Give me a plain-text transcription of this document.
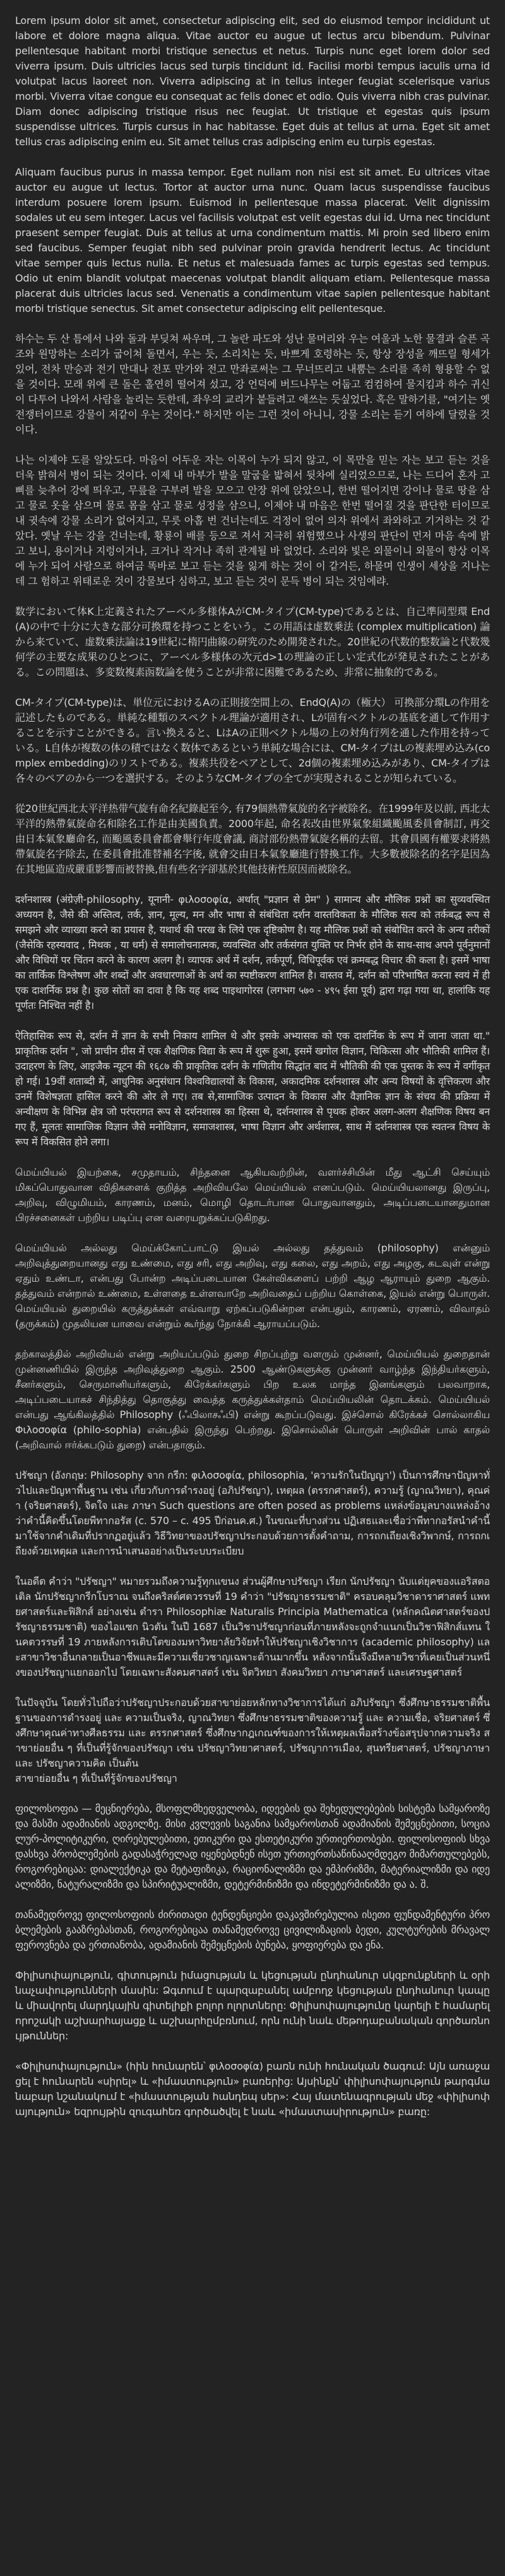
Lorem ipsum dolor sit amet, consectetur adipiscing elit, sed do eiusmod tempor incididunt ut labore et dolore magna aliqua. Vitae auctor eu augue ut lectus arcu bibendum. Pulvinar pellentesque habitant morbi tristique senectus et netus. Turpis nunc eget lorem dolor sed viverra ipsum. Duis ultricies lacus sed turpis tincidunt id. Facilisi morbi tempus iaculis urna id volutpat lacus laoreet non. Viverra adipiscing at in tellus integer feugiat scelerisque varius morbi. Viverra vitae congue eu consequat ac felis donec et odio. Quis viverra nibh cras pulvinar. Diam donec adipiscing tristique risus nec feugiat. Ut tristique et egestas quis ipsum suspendisse ultrices. Turpis cursus in hac habitasse. Eget duis at tellus at urna. Eget sit amet tellus cras adipiscing enim eu. Sit amet tellus cras adipiscing enim eu turpis egestas.

Aliquam faucibus purus in massa tempor. Eget nullam non nisi est sit amet. Eu ultrices vitae auctor eu augue ut lectus. Tortor at auctor urna nunc. Quam lacus suspendisse faucibus interdum posuere lorem ipsum. Euismod in pellentesque massa placerat. Velit dignissim sodales ut eu sem integer. Lacus vel facilisis volutpat est velit egestas dui id. Urna nec tincidunt praesent semper feugiat. Duis at tellus at urna condimentum mattis. Mi proin sed libero enim sed faucibus. Semper feugiat nibh sed pulvinar proin gravida hendrerit lectus. Ac tincidunt vitae semper quis lectus nulla. Et netus et malesuada fames ac turpis egestas sed tempus. Odio ut enim blandit volutpat maecenas volutpat blandit aliquam etiam. Pellentesque massa placerat duis ultricies lacus sed. Venenatis a condimentum vitae sapien pellentesque habitant morbi tristique senectus. Sit amet consectetur adipiscing elit pellentesque.

하수는 두 산 틈에서 나와 돌과 부딪쳐 싸우며, 그 놀란 파도와 성난 물머리와 우는 여울과 노한 물결과 슬픈 곡조와 원망하는 소리가 굽이쳐 돌면서, 우는 듯, 소리치는 듯, 바쁘게 호령하는 듯, 항상 장성을 깨뜨릴 형세가 있어, 전차 만승과 전기 만대나 전포 만가와 전고 만좌로써는 그 무너뜨리고 내뿜는 소리를 족히 형용할 수 없을 것이다. 모래 위에 큰 돌은 홀연히 떨어져 섰고, 강 언덕에 버드나무는 어둡고 컴컴하여 물지킴과 하수 귀신이 다투어 나와서 사람을 놀리는 듯한데, 좌우의 교리가 붙들려고 애쓰는 듯싶었다. 혹은 말하기를, "여기는 옛 전쟁터이므로 강물이 저같이 우는 것이다." 하지만 이는 그런 것이 아니니, 강물 소리는 듣기 여하에 달렸을 것이다.

나는 이제야 도를 알았도다. 마음이 어두운 자는 이목이 누가 되지 않고, 이 목만을 믿는 자는 보고 듣는 것을 더욱 밝혀서 병이 되는 것이다. 이제 내 마부가 발을 말굽을 밟혀서 뒷차에 실리었으므로, 나는 드디어 혼자 고삐를 늦추어 강에 띄우고, 무릎을 구부려 발을 모으고 안장 위에 앉았으니, 한번 떨어지면 강이나 물로 땅을 삼고 물로 옷을 삼으며 물로 몸을 삼고 물로 성정을 삼으니, 이제야 내 마음은 한번 떨어질 것을 판단한 터이므로 내 귓속에 강물 소리가 없어지고, 무릇 아홉 번 건너는데도 걱정이 없어 의자 위에서 좌와하고 기거하는 것 같았다. 옛날 우는 강을 건너는데, 황룡이 배를 등으로 져서 지극히 위험했으나 사생의 판단이 먼저 마음 속에 밝고 보니, 용이거나 지렁이거나, 크거나 작거나 족히 관계될 바 없었다. 소리와 빛은 외물이니 외물이 항상 이목에 누가 되어 사람으로 하여금 똑바로 보고 듣는 것을 잃게 하는 것이 이 같거든, 하물며 인생이 세상을 지나는 데 그 험하고 위태로운 것이 강물보다 심하고, 보고 듣는 것이 문득 병이 되는 것임에랴.

数学において体K上定義されたアーベル多様体AがCM-タイプ(CM-type)であるとは、自己準同型環 End(A)の中で十分に大きな部分可換環を持つことをいう。この用語は虚数乗法 (complex multiplication) 論から来ていて、虚数乗法論は19世紀に楕円曲線の研究のため開発された。20世紀の代数的整数論と代数幾何学の主要な成果のひとつに、アーベル多様体の次元d>1の理論の正しい定式化が発見されたことがある。この問題は、多変数複素函数論を使うことが非常に困難であるため、非常に抽象的である。

CM-タイプ(CM-type)は、単位元におけるAの正則接空間上の、EndQ(A)の（極大） 可換部分環Lの作用を記述したものである。単純な種類のスペクトル理論が適用され、Lが固有ベクトルの基底を通して作用することを示すことができる。言い換えると、LはAの正則ベクトル場の上の対角行列を通した作用を持っている。L自体が複数の体の積ではなく数体であるという単純な場合には、CM-タイプはLの複素埋め込み(complex embedding)のリストである。複素共役をペアとして、2d個の複素埋め込みがあり、CM-タイプは各々のペアのから一つを選択する。そのようなCM-タイプの全てが実現されることが知られている。

從20世紀西北太平洋热带气旋有命名紀錄起至今, 有79個熱帶氣旋的名字被除名。在1999年及以前, 西北太平洋的熱帶氣旋命名和除名工作是由美國負責。2000年起, 命名表改由世界氣象組織颱風委員會制訂, 再交由日本氣象廳命名, 而颱風委員會都會舉行年度會議, 商討部份熱帶氣旋名稱的去留。其會員國有權要求將熱帶氣旋名字除去, 在委員會批准替補名字後, 就會交由日本氣象廳進行替換工作。大多數被除名的名字是因為在其地區造成嚴重影響而被替換,但有些名字卻基於其他技術性原因而被除名。

दर्शनशास्त्र (अंग्रेज़ी-philosophy, यूनानी- φιλοσοφία, अर्थात् "प्रज्ञान से प्रेम" ) सामान्य और मौलिक प्रश्नों का सुव्यवस्थित अध्ययन है, जैसे की अस्तित्व, तर्क, ज्ञान, मूल्य, मन और भाषा से संबंधिता दर्शन वास्तविकता के मौलिक सत्य को तर्कबद्ध रूप से समझने और व्याख्या करने का प्रयास है, यथार्थ की परख के लिये एक दृष्टिकोण है। यह मौलिक प्रश्नों को संबोधित करने के अन्य तरीकों (जैसेकि रहस्यवाद , मिथक , या धर्म) से समालोचनात्मक, व्यवस्थित और तर्कसंगत युक्ति पर निर्भर होने के साथ-साथ अपने पूर्वनुमानों और विधियों पर चिंतन करने के कारण अलग है। व्यापक अर्थ में दर्शन, तर्कपूर्ण, विधिपूर्वक एवं क्रमबद्ध विचार की कला है। इसमें भाषा का तार्किक विश्लेषण और शब्दों और अवधारणाओं के अर्थ का स्पष्टीकरण शामिल है। वास्तव में, दर्शन को परिभाषित करना स्वयं में ही एक दाशर्निक प्रश्न है। कुछ सोतों का दावा है कि यह शब्द पाइथागोरस (लगभग ५७० - ४९५ ईसा पूर्व) द्वारा गढ़ा गया था, हालांकि यह पूर्णतः निश्चित नहीं है।

ऐतिहासिक रूप से, दर्शन में ज्ञान के सभी निकाय शामिल थे और इसके अभ्यासक को एक दाशर्निक के रूप में जाना जाता था." प्राकृतिक दर्शन ", जो प्राचीन ग्रीस में एक शैक्षणिक विद्या के रूप में शुरू हुआ, इसमें खगोल विज्ञान, चिकित्सा और भौतिकी शामिल हैं। उदाहरण के लिए, आइजैक न्यूटन की १६८७ की प्राकृतिक दर्शन के गणितीय सिद्धांत बाद में भौतिकी की एक पुस्तक के रूप में वर्गीकृत हो गई। 19वीं शताब्दी में, आधुनिक अनुसंधान विश्वविद्यालयों के विकास, अकादमिक दर्शनशास्त्र और अन्य विषयों के वृत्तिकरण और उनमें विशेषज्ञता हासिल करने की ओर ले गए। तब से,सामाजिक उत्पादन के विकास और वैज्ञानिक ज्ञान के संचय की प्रक्रिया में अन्वीक्षण के विभिन्न क्षेत्र जो परंपरागत रूप से दर्शनशास्त्र का हिस्सा थे, दर्शनशास्त्र से पृथक होकर अलग-अलग शैक्षणिक विषय बन गए हैं, मूलतः सामाजिक विज्ञान जैसे मनोविज्ञान, समाजशास्त्र, भाषा विज्ञान और अर्थशास्त्र, साथ में दर्शनशास्त्र एक स्वतन्त्र विषय के रूप में विकसित होने लगा।

மெய்யியல் இயற்கை, சமுதாயம், சிந்தனை ஆகியவற்றின், வளர்ச்சியின் மீது ஆட்சி செய்யும் மிகப்பொதுவான விதிகளைக் குறித்த அறிவியலே மெய்யியல் எனப்படும். மெய்யியலானது இருப்பு, அறிவு, விழுமியம், காரணம், மனம், மொழி தொடர்பான பொதுவானதும், அடிப்படையானதுமான பிரச்சனைகள் பற்றிய படிப்பு என வரையறுக்கப்படுகிறது.

மெய்யியல் அல்லது மெய்க்கோட்பாட்டு இயல் அல்லது தத்துவம் (philosophy) என்னும் அறிவுத்துறையானது எது உண்மை, எது சரி, எது அறிவு, எது கலை, எது அறம், எது அழகு, கடவுள் என்று ஏதும் உண்டா, என்பது போன்ற அடிப்படையான கேள்விகளைப் பற்றி ஆழ ஆராயும் துறை ஆகும். தத்துவம் என்றால் உண்மை, உள்ளதை உள்ளவாறே அறிவதைப் பற்றிய கொள்கை, இயல் என்று பொருள். மெய்யியல் துறையில் கருத்துக்கள் எவ்வாறு ஏற்கப்படுகின்றன என்பதும், காரணம், ஏரணம், விவாதம் (தருக்கம்) முதலியன யாவை என்றும் கூர்ந்து நோக்கி ஆராயப்படும்.

தற்காலத்தில் அறிவியல் என்று அறியப்படும் துறை சிறப்புற்று வளரும் முன்னர், மெய்யியல் துறைதான் முன்னணியில் இருந்த அறிவுத்துறை ஆகும். 2500 ஆண்டுகளுக்கு முன்னர் வாழ்ந்த இந்தியர்களும், சீனர்களும், செருமானியர்களும், கிரேக்கர்களும் பிற உலக மாந்த இனங்களும் பலவாறாக, அடிப்படையாகச் சிந்தித்து தொகுத்து வைத்த கருத்துக்கள்தாம் மெய்யியலின் தொடக்கம். மெய்யியல் என்பது ஆங்கிலத்தில் Philosophy (ஃபிலாசஃபி) என்று கூறப்படுவது. இச்சொல் கிரேக்கச் சொல்லாகிய Φιλοσοφία (philo-sophia) என்பதில் இருந்து பெற்றது. இசொல்லின் பொருள் அறிவின் பால் காதல் (அறிவால் ஈர்க்கபடும் துறை) என்பதாகும்.

ปรัชญา (อังกฤษ: Philosophy จาก กรีก: φιλοσοφία, philosophia, 'ความรักในปัญญา') เป็นการศึกษาปัญหาทั่วไปและปัญหาพื้นฐาน เช่น เกี่ยวกับการดำรงอยู่ (อภิปรัชญา), เหตุผล (ตรรกศาสตร์), ความรู้ (ญาณวิทยา), คุณค่า (จริยศาสตร์), จิตใจ และ ภาษา Such questions are often posed as problems แหล่งข้อมูลบางแหล่งอ้างว่าคำนี้คิดขึ้นโดยพีทากอรัส (c. 570 – c. 495 ปีก่อนค.ศ.) ในขณะที่บางส่วน ปฏิเสธและเชื่อว่าพีทากอรัสนำคำนี้มาใช้จากคำเดิมที่ปรากฏอยู่แล้ว วิธีวิทยาของปรัชญาประกอบด้วยการตั้งคำถาม, การถกเถียงเชิงวิพากษ์, การถกเถียงด้วยเหตุผล และการนำเสนออย่างเป็นระบบระเบียบ

ในอดีต คำว่า "ปรัชญา" หมายรวมถึงความรู้ทุกแขนง ส่วนผู้ศึกษาปรัชญา เรียก นักปรัชญา นับแต่ยุคของแอริสตอเติล นักปรัชญากรีกโบราณ จนถึงคริสต์ศตวรรษที่ 19 คำว่า "ปรัชญาธรรมชาติ" ครอบคลุมวิชาดาราศาสตร์ แพทยศาสตร์และฟิสิกส์ อย่างเช่น ตำรา Philosophiæ Naturalis Principia Mathematica (หลักคณิตศาสตร์ของปรัชญาธรรมชาติ) ของไอแซก นิวตัน ในปี 1687 เป็นวิชาปรัชญาก่อนที่ภายหลังจะถูกจำแนกเป็นวิชาฟิสิกส์แทน ในคตวรรษที่ 19 ภายหลังการเติบโตของมหาวิทยาลัยวิจัยทำให้ปรัชญาเชิงวิชาการ (academic philosophy) และสาขาวิชาอื่นกลายเป็นอาชีพและมีความเชี่ยวชาญเฉพาะด้านมากขึ้น หลังจากนั้นจึงมีหลายวิชาที่เคยเป็นส่วนหนึ่งของปรัชญาแยกออกไป โดยเฉพาะสังคมศาสตร์ เช่น จิตวิทยา สังคมวิทยา ภาษาศาสตร์ และเศรษฐศาสตร์

ในปัจจุบัน โดยทั่วไปถือว่าปรัชญาประกอบด้วยสาขาย่อยหลักทางวิชาการได้แก่ อภิปรัชญา ซึ่งศึกษาธรรมชาติพื้นฐานของการดำรงอยู่ และ ความเป็นจริง, ญาณวิทยา ซึ่งศึกษาธรรมชาติของความรู้ และ ความเชื่อ, จริยศาสตร์ ซึ่งศึกษาคุณค่าทางศีลธรรม และ ตรรกศาสตร์ ซึ่งศึกษากฎเกณฑ์ของการให้เหตุผลเพื่อสร้างข้อสรุปจากความจริง สาขาย่อยอื่น ๆ ที่เป็นที่รู้จักของปรัชญา เช่น ปรัชญาวิทยาศาสตร์, ปรัชญาการเมือง, สุนทรียศาสตร์, ปรัชญาภาษา และ ปรัชญาความคิด เป็นต้น

สาขาย่อยอื่น ๆ ที่เป็นที่รู้จักของปรัชญา

ფილოსოფია — მეცნიერება, მსოფლმხედველობა, იდეების და შეხედულებების სისტემა სამყაროზე და მასში ადამიანის ადგილზე. მისი კვლევის საგანია სამყაროსთან ადამიანის შემეცნებითი, სოციალურ-პოლიტიკური, ღირებულებითი, ეთიკური და ესთეტიკური ურთიერთობები. ფილოსოფიის სხვადასხვა პრობლემების გადასაჭრელად იყენებდნენ ისეთ ურთიერთსაწინააღმდეგო მიმართულებებს, როგორებიცაა: დიალექტიკა და მეტაფიზიკა, რაციონალიზმი და ემპირიზმი, მატერიალიზმი და იდეალიზმი, ნატურალიზმი და სპირიტუალიზმი, დეტერმინიზმი და ინდეტერმინიზმი და ა. შ.

თანამედროვე ფილოსოფიის ძირითადი ტენდენციები დაკავშირებულია ისეთი ფუნდამენტური პრობლემების გააზრებასთან, როგორებიცაა თანამედროვე ცივილიზაციის ბედი, კულტურების მრავალფეროვნება და ერთიანობა, ადამიანის შემეცნების ბუნება, ყოფიერება და ენა.

Փիլիսոփայություն, գիտություն իմացության և կեցության ընդհանուր սկզբունքների և օրինաչափությունների մասին: Ձգտում է պարզաբանել ամբողջ կեցության ընդհանուր կապը և միավորել մարդկային գիտելիքի բոլոր ոլորտները: Փիլիսոփայությունը կարելի է համարել որոշակի աշխարհայացք և աշխարհըմբռնում, որն ունի նաև մեթոդաբանական գործառնույթուններ:

«Փիլիսոփայություն» (հին հունարեն՝ φιλοσοφία) բառն ունի հունական ծագում: Այն առաջացել է հունարեն «սիրել» և «իմաստություն» բառերից: Այսինքն՝ փիլիսոփայություն թարգմանաբար նշանակում է «իմաստության հանդեպ սեր»: Հայ մատենագրության մեջ «փիլիսոփայություն» եզրույթին զուգահեռ գործածվել է նաև «իմաստասիրություն» բառը:
